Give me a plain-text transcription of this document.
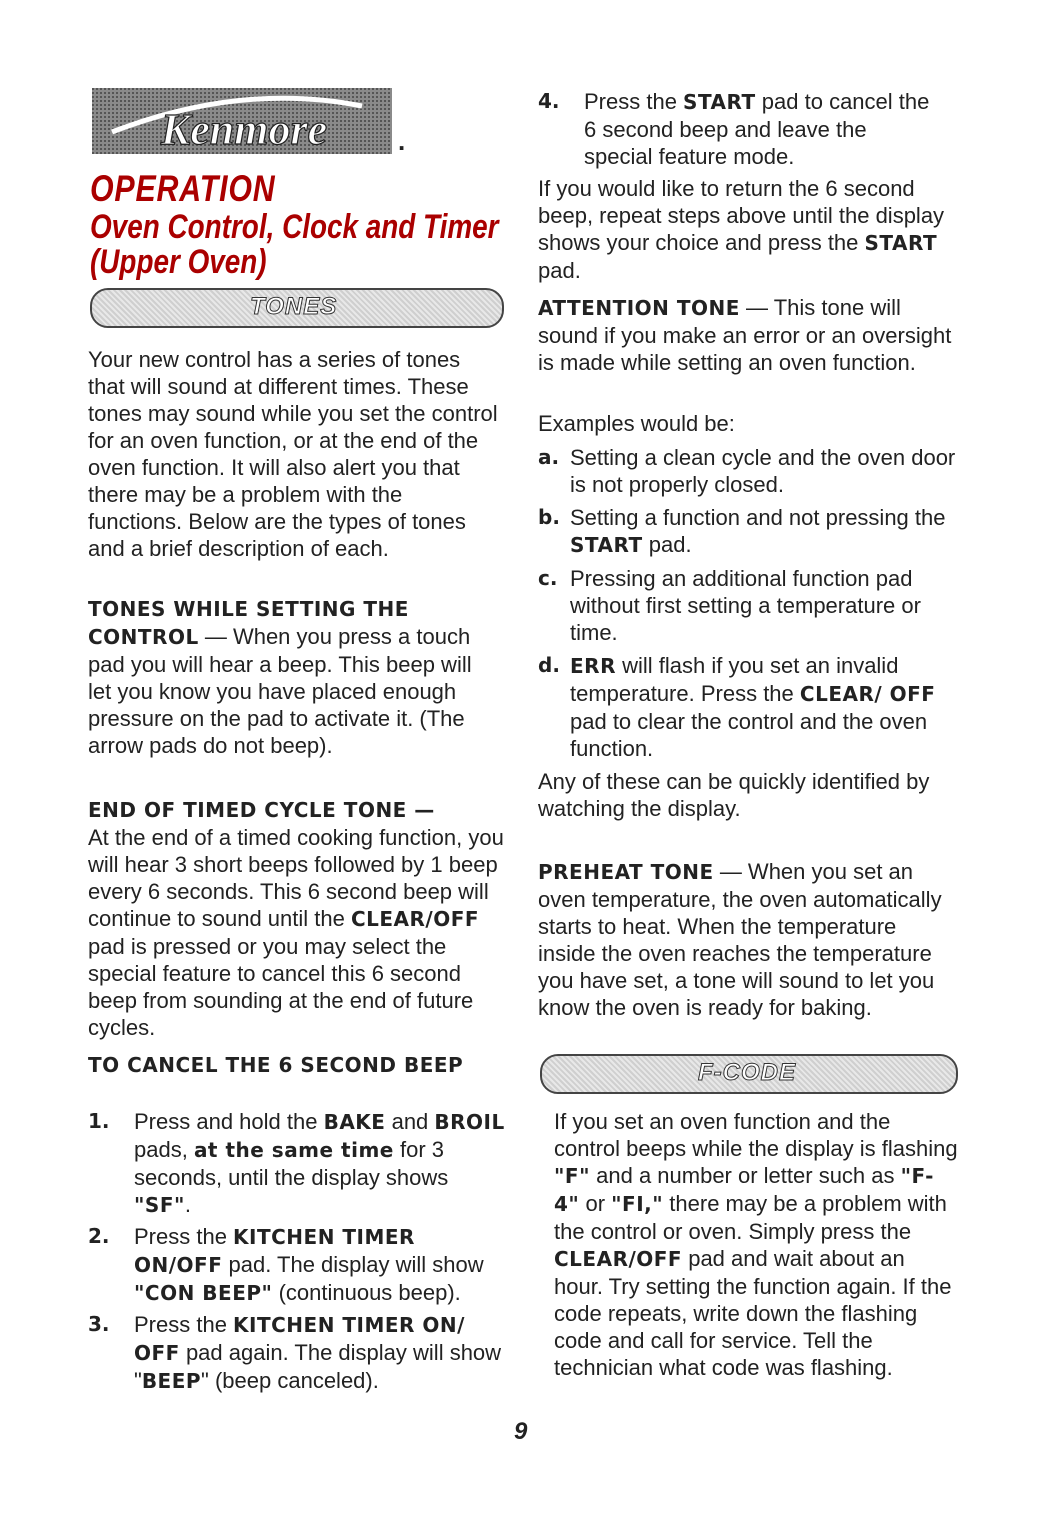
Kenmore	.
OPERATION
Oven Control, Clock and Timer
(Upper Oven)
TONES

Your new control has a series of tones that will sound at different times. These tones may sound while you set the control for an oven function, or at the end of the oven function. It will also alert you that there may be a problem with the functions. Below are the types of tones and a brief description of each.

TONES WHILE SETTING THE CONTROL — When you press a touch pad you will hear a beep. This beep will let you know you have placed enough pressure on the pad to activate it. (The arrow pads do not beep).

END OF TIMED CYCLE TONE —
At the end of a timed cooking function, you will hear 3 short beeps followed by 1 beep every 6 seconds. This 6 second beep will continue to sound until the CLEAR/OFF pad is pressed or you may select the special feature to cancel this 6 second beep from sounding at the end of future cycles.

TO CANCEL THE 6 SECOND BEEP

1. Press and hold the BAKE and BROIL pads, at the same time for 3 seconds, until the display shows "SF".
2. Press the KITCHEN TIMER ON/OFF pad. The display will show "CON BEEP" (continuous beep).
3. Press the KITCHEN TIMER ON/ OFF pad again. The display will show "BEEP" (beep canceled).
4. Press the START pad to cancel the 6 second beep and leave the special feature mode.

If you would like to return the 6 second beep, repeat steps above until the display shows your choice and press the START pad.

ATTENTION TONE — This tone will sound if you make an error or an oversight is made while setting an oven function.

Examples would be:

a. Setting a clean cycle and the oven door is not properly closed.
b. Setting a function and not pressing the START pad.
c. Pressing an additional function pad without first setting a temperature or time.
d. ERR will flash if you set an invalid temperature. Press the CLEAR/ OFF pad to clear the control and the oven function.

Any of these can be quickly identified by watching the display.

PREHEAT TONE — When you set an oven temperature, the oven automatically starts to heat. When the temperature inside the oven reaches the temperature you have set, a tone will sound to let you know the oven is ready for baking.

If you set an oven function and the control beeps while the display is flashing "F" and a number or letter such as "F-4" or "FI," there may be a problem with the control or oven. Simply press the CLEAR/OFF pad and wait about an hour. Try setting the function again. If the code repeats, write down the flashing code and call for service. Tell the technician what code was flashing.

F-CODE
9
